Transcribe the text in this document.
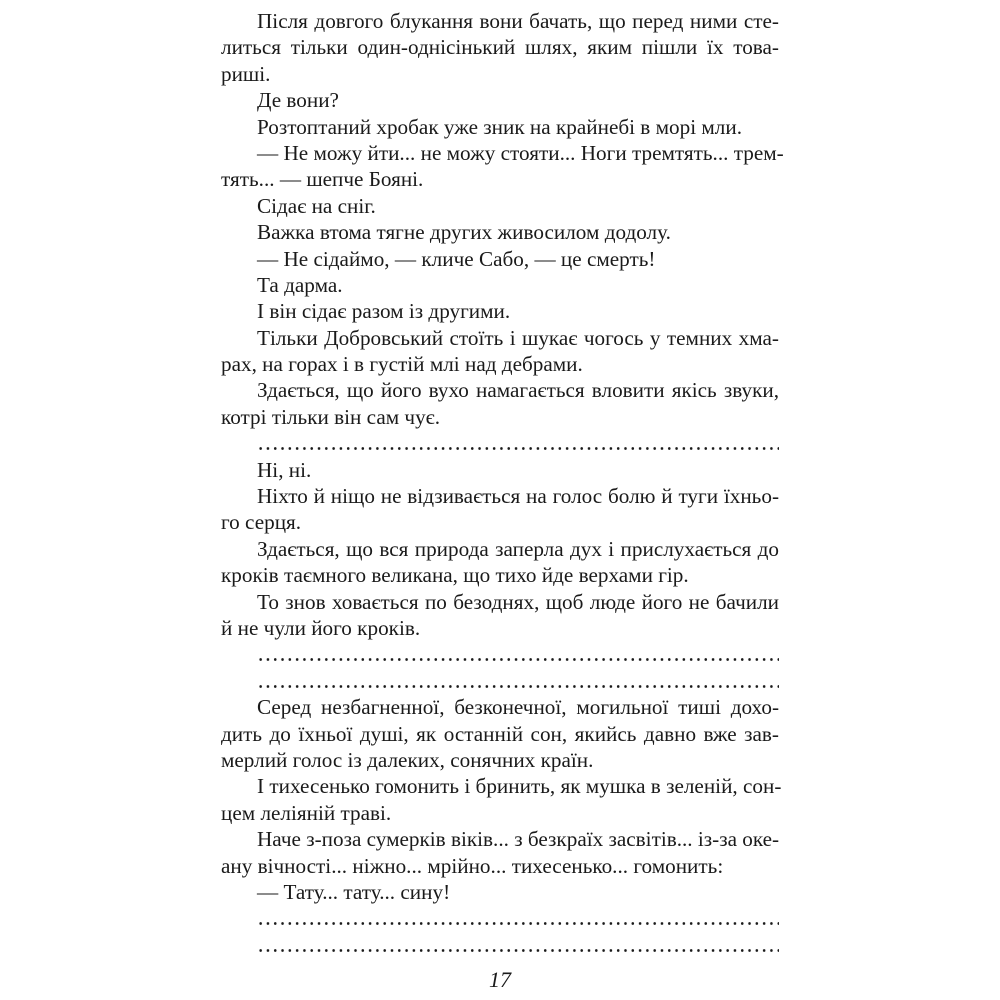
Після довгого блукання вони бачать, що перед ними сте-
литься тільки один-однісінький шлях, яким пішли їх това-
риші.
Де вони?
Розтоптаний хробак уже зник на крайнебі в морі мли.
— Не можу йти... не можу стояти... Ноги тремтять... трем-
тять... — шепче Бояні.
Сідає на сніг.
Важка втома тягне других живосилом додолу.
— Не сідаймо, — кличе Сабо, — це смерть!
Та дарма.
І він сідає разом із другими.
Тільки Добровський стоїть і шукає чогось у темних хма-
рах, на горах і в густій млі над дебрами.
Здається, що його вухо намагається вловити якісь звуки,
котрі тільки він сам чує.
Ні, ні.
Ніхто й ніщо не відзивається на голос болю й туги їхньо-
го серця.
Здається, що вся природа заперла дух і прислухається до
кроків таємного великана, що тихо йде верхами гір.
То знов ховається по безоднях, щоб люде його не бачили
й не чули його кроків.
Серед незбагненної, безконечної, могильної тиші дохо-
дить до їхньої душі, як останній сон, якийсь давно вже зав-
мерлий голос із далеких, сонячних країн.
І тихесенько гомонить і бринить, як мушка в зеленій, сон-
цем леліяній траві.
Наче з-поза сумерків віків... з безкраїх засвітів... із-за оке-
ану вічності... ніжно... мрійно... тихесенько... гомонить:
— Тату... тату... сину!
17
